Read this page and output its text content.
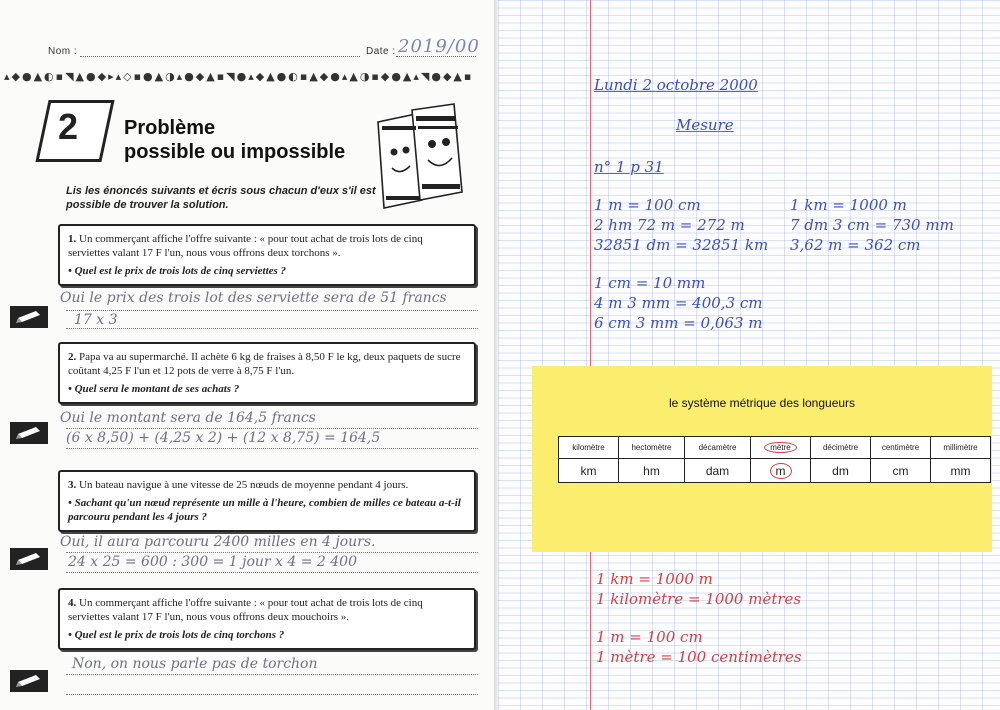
Nom :	Date : 2019/00
▴◆●▲◐▪◥▲●◆▸▴◇▪●▲◑▴●◆▲▪◥●▴◆▲●◐▪▲◆●▴▲◑▪◆●▲▴◥●◆▲▪
2 Problème
possible ou impossible
Lis les énoncés suivants et écris sous chacun d'eux s'il est possible de trouver la solution.
1. Un commerçant affiche l'offre suivante : « pour tout achat de trois lots de cinq serviettes valant 17 F l'un, nous vous offrons deux torchons ».
• Quel est le prix de trois lots de cinq serviettes ?
Oui le prix des trois lot des serviette sera de 51 francs
17 x 3
2. Papa va au supermarché. Il achète 6 kg de fraises à 8,50 F le kg, deux paquets de sucre coûtant 4,25 F l'un et 12 pots de verre à 8,75 F l'un.
• Quel sera le montant de ses achats ?
Oui le montant sera de 164,5 francs
(6 x 8,50) + (4,25 x 2) + (12 x 8,75) = 164,5
3. Un bateau navigue à une vitesse de 25 nœuds de moyenne pendant 4 jours.
• Sachant qu'un nœud représente un mille à l'heure, combien de milles ce bateau a-t-il parcouru pendant les 4 jours ?
Oui, il aura parcouru 2400 milles en 4 jours.
24 x 25 = 600 : 300 = 1 jour x 4 = 2 400
4. Un commerçant affiche l'offre suivante : « pour tout achat de trois lots de cinq serviettes valant 17 F l'un, nous vous offrons deux mouchoirs ».
• Quel est le prix de trois lots de cinq torchons ?
Non, on nous parle pas de torchon
Lundi 2 octobre 2000
Mesure
n° 1 p 31
1 m = 100 cm
2 hm 72 m = 272 m
32851 dm = 32851 km
1 km = 1000 m
7 dm 3 cm = 730 mm
3,62 m = 362 cm
1 cm = 10 mm
4 m 3 mm = 400,3 cm
6 cm 3 mm = 0,063 m
le système métrique des longueurs
kilomètre	hectomètre	décamètre	mètre	décimètre	centimètre	millimètre
km	hm	dam	m	dm	cm	mm
1 km = 1000 m
1 kilomètre = 1000 mètres
1 m = 100 cm
1 mètre = 100 centimètres
